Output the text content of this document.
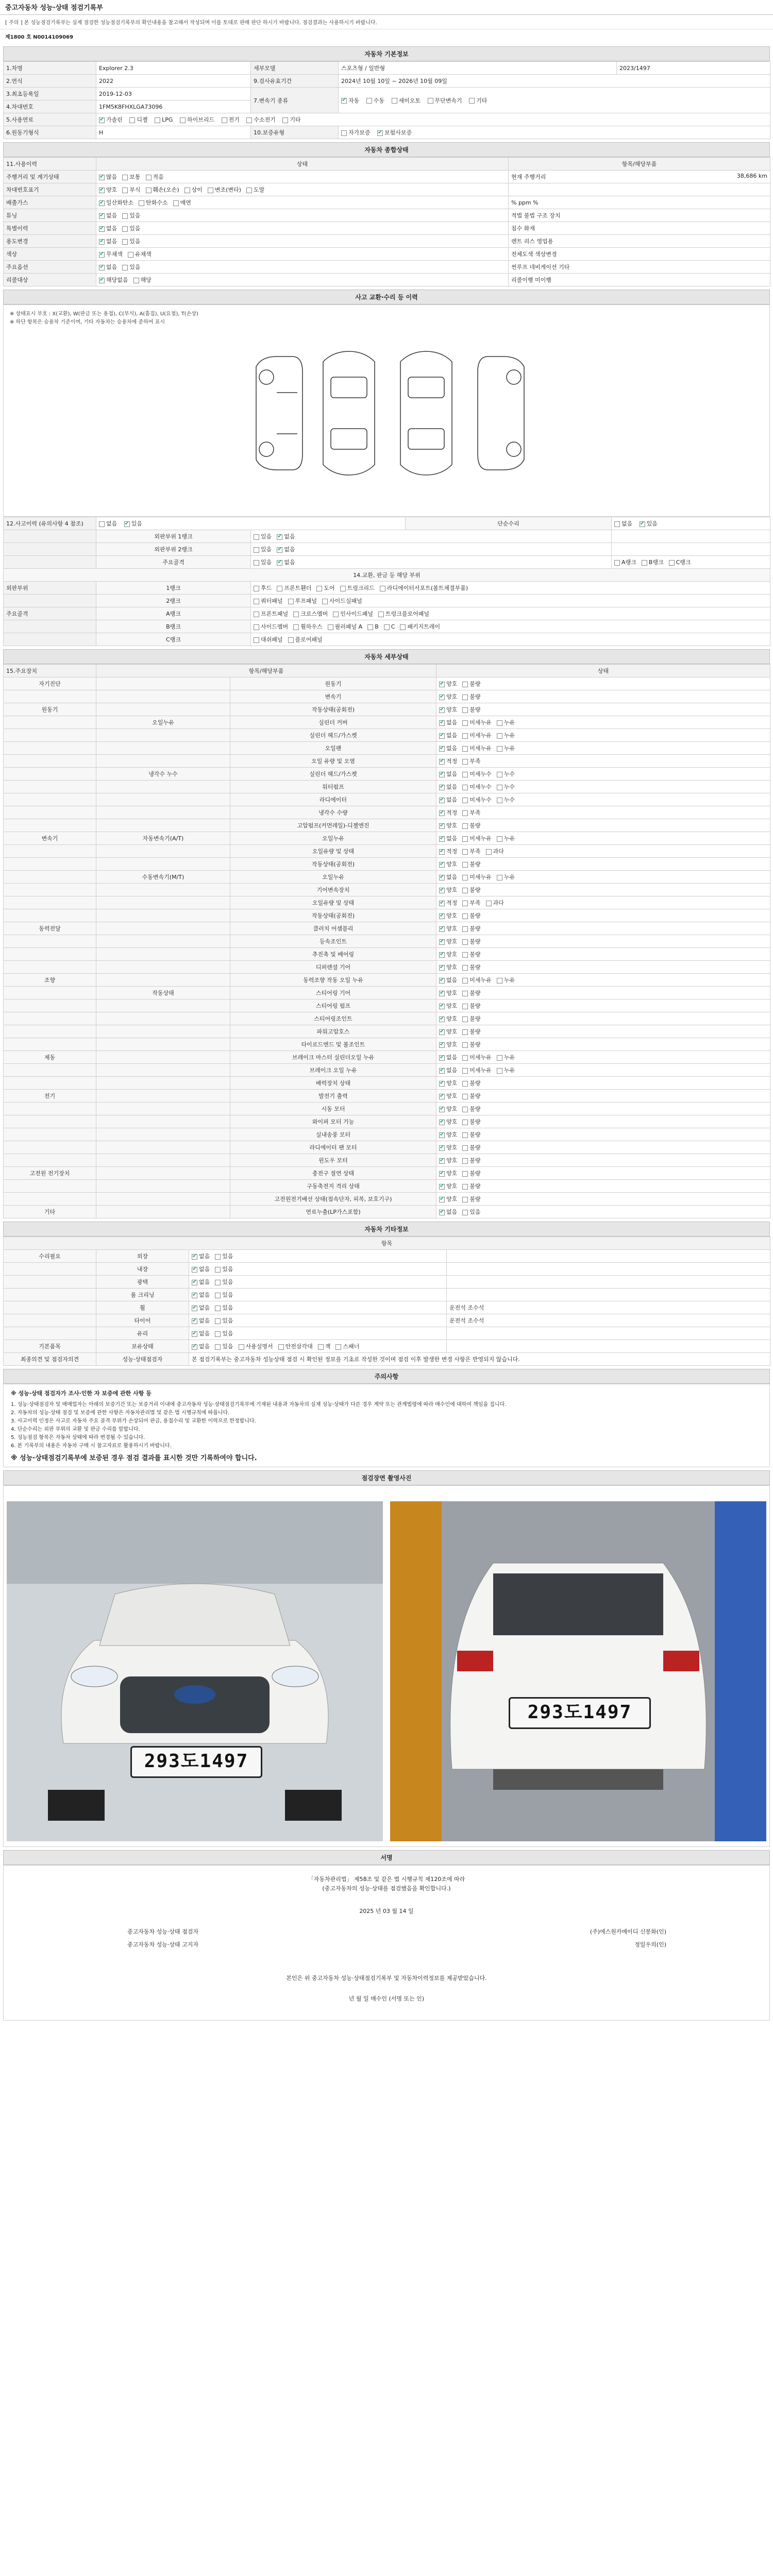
중고자동차 성능·상태 점검기록부
[ 주의 ] 본 성능점검기록부는 실제 점검한 성능점검기록부의 확인내용을 참고해서 작성되며 이를 토대로 판매 판단 하시기 바랍니다. 점검결과는 사용하시기 바랍니다.
제1800 호 N0014109069
자동차 기본정보
1.차명	Explorer 2.3	세부모델	스포츠형 / 일반형	2023/1497
2.연식	2022	9.검사유효기간	2024년 10월 10일 ~ 2026년 10월 09일	
3.최초등록일	2019-12-03	7.변속기 종류	✔자동 수동 세미오토 무단변속기 기타
4.차대번호	1FM5K8FHXLGA73096			
5.사용연료	✔가솔린 디젤 LPG 하이브리드 전기 수소전기 기타
6.원동기형식	H	10.보증유형	자가보증 ✔ 보험사보증
자동차 종합상태
11.사용이력	상태	항목/해당부품
주행거리 및 계기상태	✔많음 보통 적음	현재 주행거리 38,686 km

차대번호표기	✔양호 부식 훼손(오손) 상이 변조(변타) 도말	
배출가스	✔일산화탄소 탄화수소 매연	% ppm %
튜닝	✔없음 있음	적법 불법 구조 장치
특별이력	✔없음 있음	침수 화재
용도변경	✔없음 있음	렌트 리스 영업용
색상	✔무채색 유채색	전체도색 색상변경
주요옵션	✔없음 있음	썬루프 네비게이션 기타
리콜대상	✔해당없음 해당	리콜이행 미이행
사고 교환·수리 등 이력
※ 상태표시 부호 : X(교환), W(판금 또는 용접), C(부식), A(흠집), U(요철), T(손상)
※ 하단 항목은 승용차 기준이며, 기타 자동차는 승용차에 준하여 표시
12.사고이력 (유의사항 4 참조)	없음 ✔ 있음		단순수리	없음 ✔ 있음
	외판부위 1랭크	있음 ✔ 없음	
	외판부위 2랭크	있음 ✔ 없음	
	주요골격	있음 ✔ 없음		A랭크 B랭크 C랭크
14.교환, 판금 등 해당 부위				
외판부위	1랭크	후드 프론트휀더 도어 트렁크리드 라디에이터서포트(볼트체결부품)		
	2랭크	쿼터패널 루프패널 사이드실패널		
주요골격	A랭크	프론트패널 크로스멤버 인사이드패널 트렁크플로어패널		
	B랭크	사이드멤버 휠하우스 필러패널 A B C 패키지트레이		
	C랭크	대쉬패널 플로어패널		
자동차 세부상태
15.주요장치	항목/해당부품		상태
자기진단		원동기	✔양호 불량
		변속기	✔양호 불량
원동기		작동상태(공회전)	✔양호 불량
	오일누유	실린더 커버	✔없음 미세누유 누유
		실린더 헤드/가스켓	✔없음 미세누유 누유
		오일팬	✔없음 미세누유 누유
		오일 유량 및 오염	✔적정 부족
	냉각수 누수	실린더 헤드/가스켓	✔없음 미세누수 누수
		워터펌프	✔없음 미세누수 누수
		라디에이터	✔없음 미세누수 누수
		냉각수 수량	✔적정 부족
		고압펌프(커먼레일)-디젤엔진	✔양호 불량
변속기	자동변속기(A/T)	오일누유	✔없음 미세누유 누유
		오일유량 및 상태	✔적정 부족 과다
		작동상태(공회전)	✔양호 불량
	수동변속기(M/T)	오일누유	✔없음 미세누유 누유
		기어변속장치	✔양호 불량
		오일유량 및 상태	✔적정 부족 과다
		작동상태(공회전)	✔양호 불량
동력전달		클러치 어셈블리	✔양호 불량
		등속조인트	✔양호 불량
		추진축 및 베어링	✔양호 불량
		디퍼렌셜 기어	✔양호 불량
조향		동력조향 작동 오일 누유	✔없음 미세누유 누유
	작동상태	스티어링 기어	✔양호 불량
		스티어링 펌프	✔양호 불량
		스티어링조인트	✔양호 불량
		파워고압호스	✔양호 불량
		타이로드엔드 및 볼조인트	✔양호 불량
제동		브레이크 마스터 실린더오일 누유	✔없음 미세누유 누유
		브레이크 오일 누유	✔없음 미세누유 누유
		배력장치 상태	✔양호 불량
전기		발전기 출력	✔양호 불량
		시동 모터	✔양호 불량
		와이퍼 모터 기능	✔양호 불량
		실내송풍 모터	✔양호 불량
		라디에이터 팬 모터	✔양호 불량
		윈도우 모터	✔양호 불량
고전원 전기장치		충전구 절연 상태	✔양호 불량
		구동축전지 격리 상태	✔양호 불량
		고전원전기배선 상태(접속단자, 피복, 보호기구)	✔양호 불량
기타		연료누출(LP가스포함)	✔없음 있음
자동차 기타정보
항목			
수리필요	외장	✔없음 있음	
	내장	✔없음 있음	
	광택	✔없음 있음	
	룸 크리닝	✔없음 있음	
	휠	✔없음 있음	운전석 조수석
	타이어	✔없음 있음	운전석 조수석
	유리	✔없음 있음	
기본품목	보유상태	✔없음 있음 사용설명서 안전삼각대 잭 스패너	
최종의견 및 점검자의견	성능·상태점검자	본 점검기록부는 중고자동차 성능상태 점검 시 확인된 정보를 기초로 작성한 것이며 점검 이후 발생한 변경 사항은 반영되지 않습니다.	
주의사항
※ 성능·상태 점검자가 조사·인한 자 보증에 관한 사항 등
1. 성능·상태점검자 및 매매업자는 아래의 보증기간 또는 보증거리 이내에 중고자동차 성능·상태점검기록부에 기재된 내용과 자동차의 실제 성능·상태가 다른 경우 계약 또는 관계법령에 따라 매수인에 대하여 책임을 집니다.
2. 자동차의 성능·상태 점검 및 보증에 관한 사항은 자동차관리법 및 같은 법 시행규칙에 따릅니다.
3. 사고이력 인정은 사고로 자동차 주요 골격 부위가 손상되어 판금, 용접수리 및 교환한 이력으로 한정합니다.
4. 단순수리는 외판 부위의 교환 및 판금 수리를 말합니다.
5. 성능점검 항목은 자동차 상태에 따라 변경될 수 있습니다.
6. 본 기록부의 내용은 자동차 구매 시 참고자료로 활용하시기 바랍니다.
※ 성능·상태점검기록부에 보증된 경우 점검 결과를 표시한 것만 기록하여야 합니다.
점검장면 촬영사진
293도1497
293도1497
서명
「자동차관리법」 제58조 및 같은 법 시행규칙 제120조에 따라
(중고자동차의 성능·상태를 점검했음을 확인합니다.)
2025 년 03 월 14 일
중고자동차 성능·상태 점검자	(주)에스원카메이디 신봉화(인)
중고자동차 성능·상태 고지자	정일우의(인)
본인은 위 중고자동차 성능·상태점검기록부 및 자동차이력정보를 제공받았습니다.
년 월 일 매수인 (서명 또는 인)
